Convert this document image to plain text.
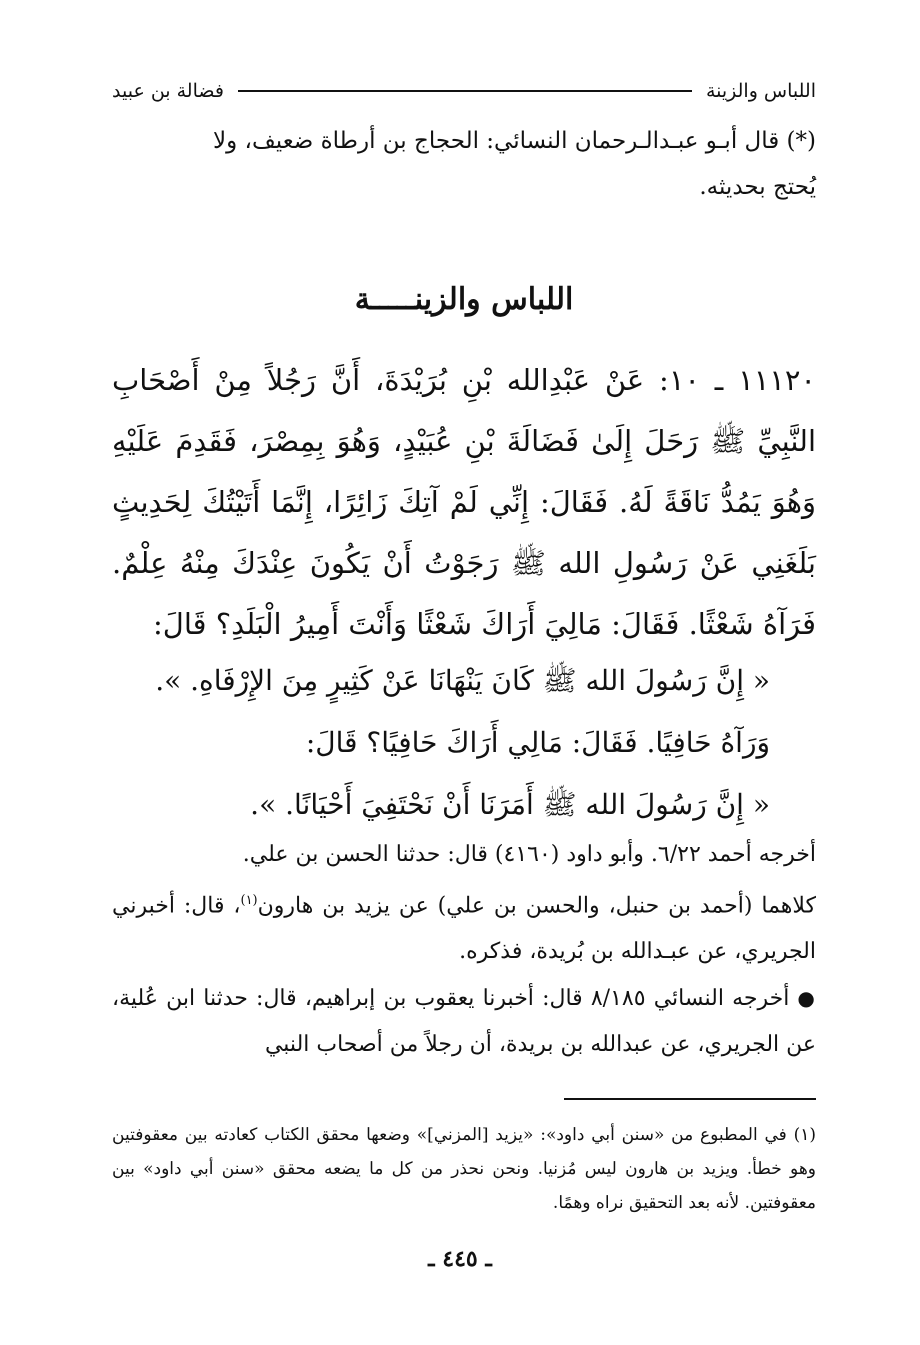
اللباس والزينة
فضالة بن عبيد
(*) قال أبـو عبـدالـرحمان النسائي: الحجاج بن أرطاة ضعيف، ولا
يُحتج بحديثه.
اللباس والزينـــــة
١١١٢٠ ـ ١٠: عَنْ عَبْدِالله بْنِ بُرَيْدَةَ، أَنَّ رَجُلاً مِنْ أَصْحَابِ النَّبِيِّ ﷺ رَحَلَ إِلَىٰ فَضَالَةَ بْنِ عُبَيْدٍ، وَهُوَ بِمِصْرَ، فَقَدِمَ عَلَيْهِ وَهُوَ يَمُدُّ نَاقَةً لَهُ. فَقَالَ: إِنِّي لَمْ آتِكَ زَائِرًا، إِنَّمَا أَتَيْتُكَ لِحَدِيثٍ بَلَغَنِي عَنْ رَسُولِ الله ﷺ رَجَوْتُ أَنْ يَكُونَ عِنْدَكَ مِنْهُ عِلْمٌ. فَرَآهُ شَعْثًا. فَقَالَ: مَالِيَ أَرَاكَ شَعْثًا وَأَنْتَ أَمِيرُ الْبَلَدِ؟ قَالَ:
« إِنَّ رَسُولَ الله ﷺ كَانَ يَنْهَانَا عَنْ كَثِيرٍ مِنَ الإِرْفَاهِ. ».
وَرَآهُ حَافِيًا. فَقَالَ: مَالِي أَرَاكَ حَافِيًا؟ قَالَ:
« إِنَّ رَسُولَ الله ﷺ أَمَرَنَا أَنْ نَحْتَفِيَ أَحْيَانًا. ».

أخرجه أحمد ٦/٢٢. وأبو داود (٤١٦٠) قال: حدثنا الحسن بن علي.

كلاهما (أحمد بن حنبل، والحسن بن علي) عن يزيد بن هارون$^{(١)}$، قال: أخبرني الجريري، عن عبـدالله بن بُريدة، فذكره.

●أخرجه النسائي ٨/١٨٥ قال: أخبرنا يعقوب بن إبراهيم، قال: حدثنا ابن عُلية، عن الجريري، عن عبدالله بن بريدة، أن رجلاً من أصحاب النبي

(١) في المطبوع من «سنن أبي داود»: «يزيد [المزني]» وضعها محقق الكتاب كعادته بين معقوفتين وهو خطأ. ويزيد بن هارون ليس مُزنيا. ونحن نحذر من كل ما يضعه محقق «سنن أبي داود» بين معقوفتين. لأنه بعد التحقيق نراه وهمًا.
ـ ٤٤٥ ـ
